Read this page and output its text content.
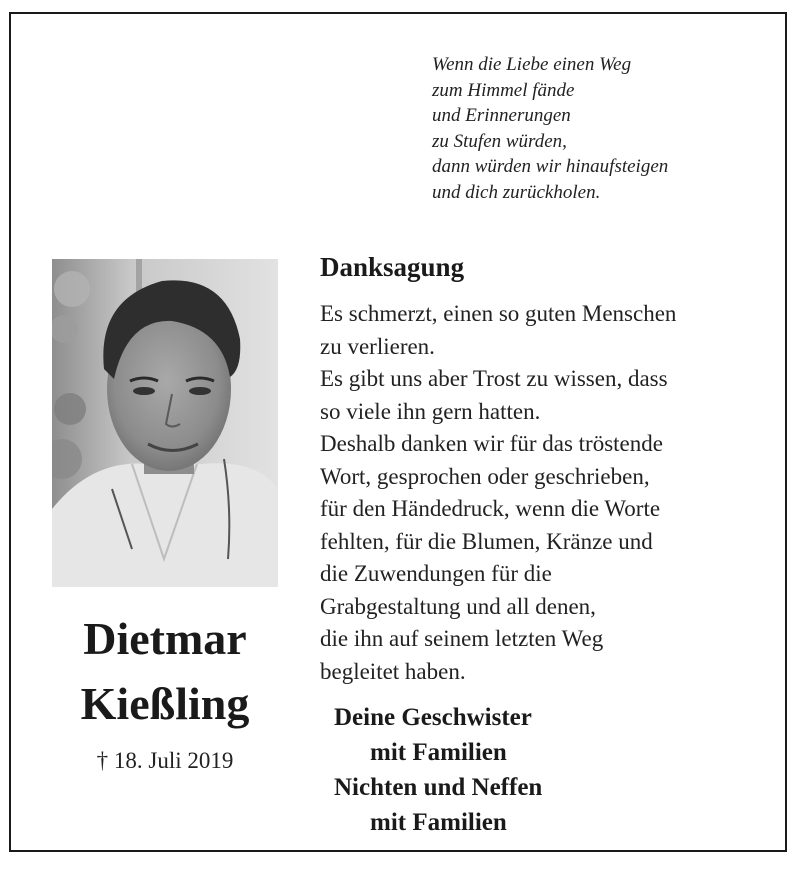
Wenn die Liebe einen Weg
zum Himmel fände
und Erinnerungen
zu Stufen würden,
dann würden wir hinaufsteigen
und dich zurückholen.
Dietmar
Kießling
† 18. Juli 2019
Danksagung
Es schmerzt, einen so guten Menschen
zu verlieren.
Es gibt uns aber Trost zu wissen, dass
so viele ihn gern hatten.
Deshalb danken wir für das tröstende
Wort, gesprochen oder geschrieben,
für den Händedruck, wenn die Worte
fehlten, für die Blumen, Kränze und
die Zuwendungen für die
Grabgestaltung und all denen,
die ihn auf seinem letzten Weg
begleitet haben.
Deine Geschwister
mit Familien
Nichten und Neffen
mit Familien
